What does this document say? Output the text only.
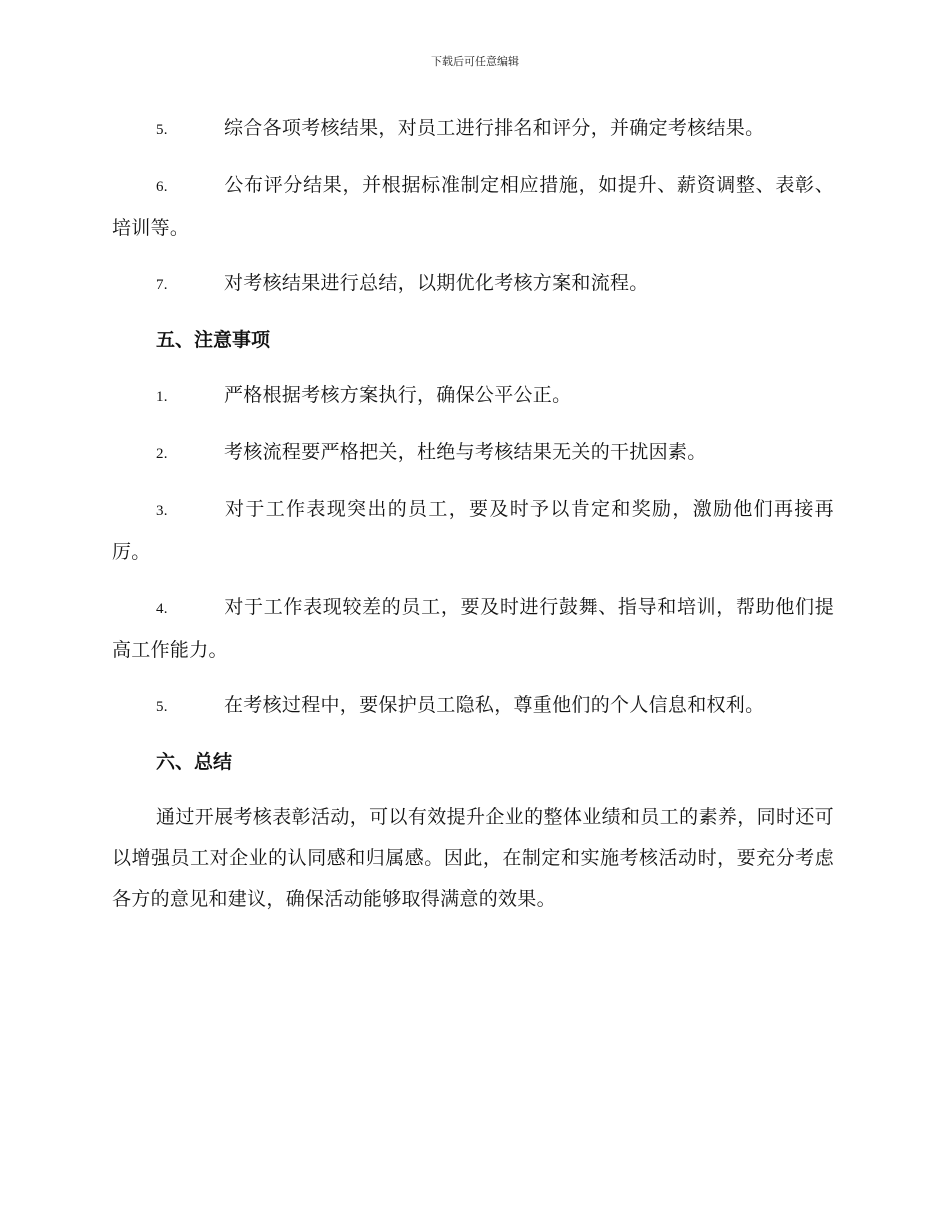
下载后可任意编辑

5.	综合各项考核结果，对员工进行排名和评分，并确定考核结果。

6.	公布评分结果，并根据标准制定相应措施，如提升、薪资调整、表彰、培训等。

7.	对考核结果进行总结，以期优化考核方案和流程。

五、注意事项

1.	严格根据考核方案执行，确保公平公正。

2.	考核流程要严格把关，杜绝与考核结果无关的干扰因素。

3.	对于工作表现突出的员工，要及时予以肯定和奖励，激励他们再接再厉。

4.	对于工作表现较差的员工，要及时进行鼓舞、指导和培训，帮助他们提高工作能力。

5.	在考核过程中，要保护员工隐私，尊重他们的个人信息和权利。

六、总结

通过开展考核表彰活动，可以有效提升企业的整体业绩和员工的素养，同时还可以增强员工对企业的认同感和归属感。因此，在制定和实施考核活动时，要充分考虑各方的意见和建议，确保活动能够取得满意的效果。
